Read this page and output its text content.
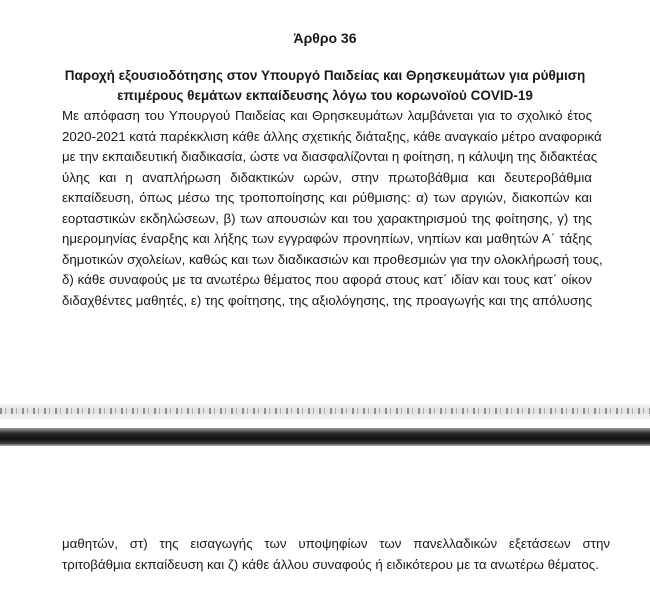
Άρθρο 36
Παροχή εξουσιοδότησης στον Υπουργό Παιδείας και Θρησκευμάτων για ρύθμιση
επιμέρους θεμάτων εκπαίδευσης λόγω του κορωνοϊού COVID-19
Με απόφαση του Υπουργού Παιδείας και Θρησκευμάτων λαμβάνεται για το σχολικό έτος
2020-2021 κατά παρέκκλιση κάθε άλλης σχετικής διάταξης, κάθε αναγκαίο μέτρο αναφορικά
με την εκπαιδευτική διαδικασία, ώστε να διασφαλίζονται η φοίτηση, η κάλυψη της διδακτέας
ύλης και η αναπλήρωση διδακτικών ωρών, στην πρωτοβάθμια και δευτεροβάθμια
εκπαίδευση, όπως μέσω της τροποποίησης και ρύθμισης: α) των αργιών, διακοπών και
εορταστικών εκδηλώσεων, β) των απουσιών και του χαρακτηρισμού της φοίτησης, γ) της
ημερομηνίας έναρξης και λήξης των εγγραφών προνηπίων, νηπίων και μαθητών Α΄ τάξης
δημοτικών σχολείων, καθώς και των διαδικασιών και προθεσμιών για την ολοκλήρωσή τους,
δ) κάθε συναφούς με τα ανωτέρω θέματος που αφορά στους κατ΄ ιδίαν και τους κατ΄ οίκον
διδαχθέντες μαθητές, ε) της φοίτησης, της αξιολόγησης, της προαγωγής και της απόλυσης
μαθητών, στ) της εισαγωγής των υποψηφίων των πανελλαδικών εξετάσεων στην
τριτοβάθμια εκπαίδευση και ζ) κάθε άλλου συναφούς ή ειδικότερου με τα ανωτέρω θέματος.
